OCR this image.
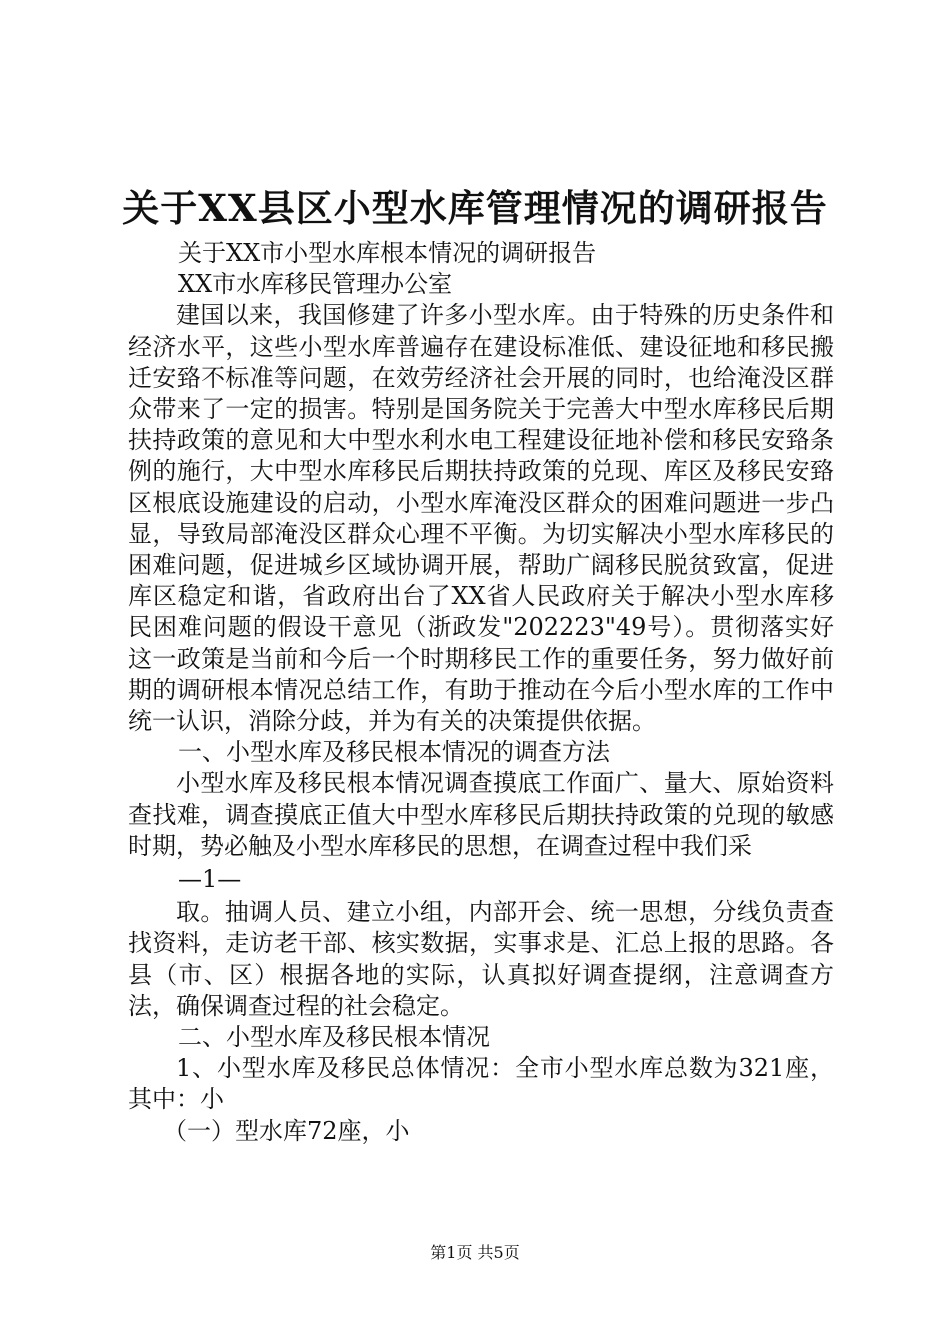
关于XX县区小型水库管理情况的调研报告

关于XX市小型水库根本情况的调研报告

XX市水库移民管理办公室

建国以来，我国修建了许多小型水库。由于特殊的历史条件和经济水平，这些小型水库普遍存在建设标准低、建设征地和移民搬迁安臵不标准等问题，在效劳经济社会开展的同时，也给淹没区群众带来了一定的损害。特别是国务院关于完善大中型水库移民后期扶持政策的意见和大中型水利水电工程建设征地补偿和移民安臵条例的施行，大中型水库移民后期扶持政策的兑现、库区及移民安臵区根底设施建设的启动，小型水库淹没区群众的困难问题进一步凸显，导致局部淹没区群众心理不平衡。为切实解决小型水库移民的困难问题，促进城乡区域协调开展，帮助广阔移民脱贫致富，促进库区稳定和谐，省政府出台了XX省人民政府关于解决小型水库移民困难问题的假设干意见（浙政发"202223"49号）。贯彻落实好这一政策是当前和今后一个时期移民工作的重要任务，努力做好前期的调研根本情况总结工作，有助于推动在今后小型水库的工作中统一认识，消除分歧，并为有关的决策提供依据。

一、小型水库及移民根本情况的调查方法

小型水库及移民根本情况调查摸底工作面广、量大、原始资料查找难，调查摸底正值大中型水库移民后期扶持政策的兑现的敏感时期，势必触及小型水库移民的思想，在调查过程中我们采

—1—

取。抽调人员、建立小组，内部开会、统一思想，分线负责查找资料，走访老干部、核实数据，实事求是、汇总上报的思路。各县（市、区）根据各地的实际，认真拟好调查提纲，注意调查方法，确保调查过程的社会稳定。

二、小型水库及移民根本情况

1、小型水库及移民总体情况：全市小型水库总数为321座，其中：小

（一）型水库72座，小

第1页 共5页
